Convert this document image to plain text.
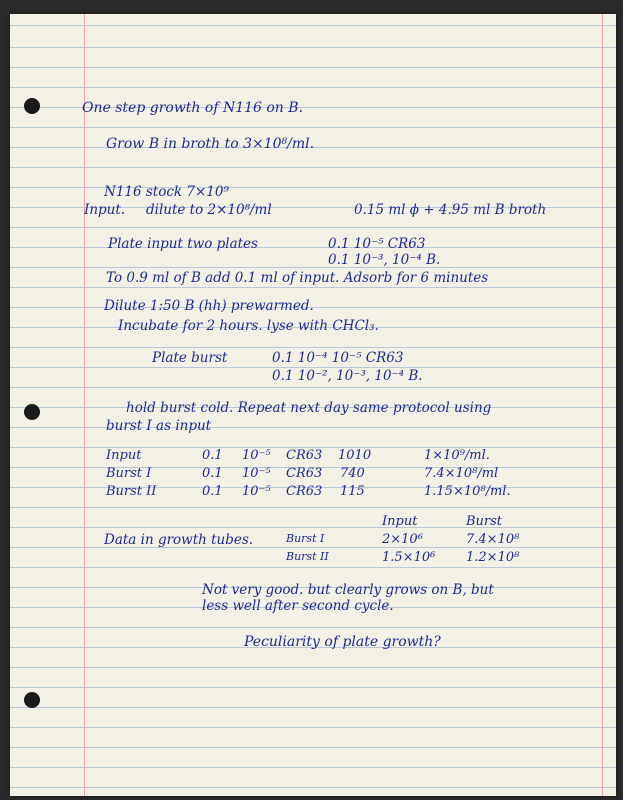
One step growth of N116 on B.
Grow B in broth to 3×10⁸/ml.
N116 stock 7×10⁹
Input. dilute to 2×10⁸/ml	0.15 ml ϕ + 4.95 ml B broth
Plate input two plates	0.1 10⁻⁵ CR63
0.1 10⁻³, 10⁻⁴ B.
To 0.9 ml of B add 0.1 ml of input. Adsorb for 6 minutes
Dilute 1:50 B (hh) prewarmed.
Incubate for 2 hours. lyse with CHCl₃.
Plate burst	0.1 10⁻⁴ 10⁻⁵ CR63
0.1 10⁻², 10⁻³, 10⁻⁴ B.
hold burst cold. Repeat next day same protocol using
burst I as input
Input	0.1 10⁻⁵ CR63 1010	1×10⁹/ml.
Burst I	0.1 10⁻⁵ CR63 740	7.4×10⁸/ml
Burst II	0.1 10⁻⁵ CR63 115	1.15×10⁸/ml.
Input	Burst
Data in growth tubes.	Burst I	2×10⁶	7.4×10⁸
Burst II	1.5×10⁶ 1.2×10⁸
Not very good. but clearly grows on B, but
less well after second cycle.
Peculiarity of plate growth?
